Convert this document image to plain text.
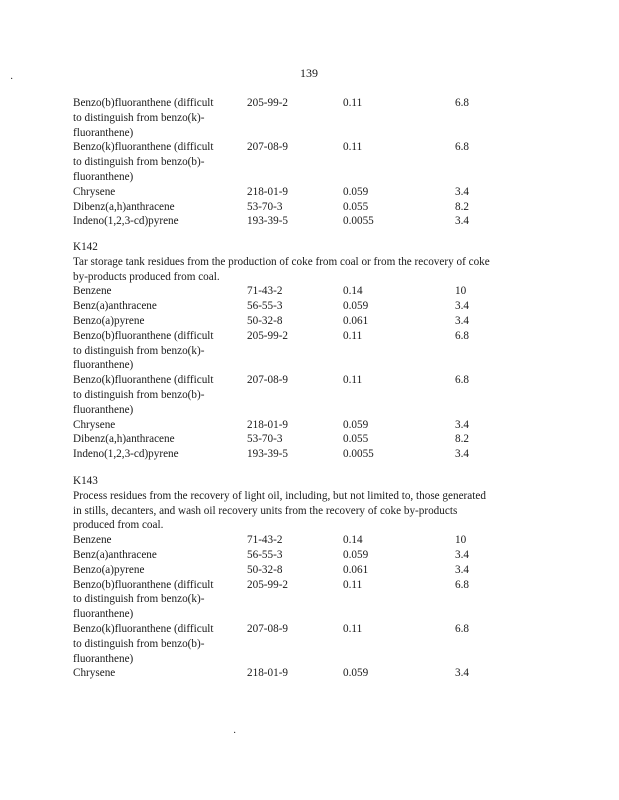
139
·
·
Benzo(b)fluoranthene (difficult
to distinguish from benzo(k)-
fluoranthene)
205-99-2	0.11	6.8
Benzo(k)fluoranthene (difficult
to distinguish from benzo(b)-
fluoranthene)
207-08-9	0.11	6.8
Chrysene	218-01-9	0.059	3.4
Dibenz(a,h)anthracene	53-70-3	0.055	8.2
Indeno(1,2,3-cd)pyrene	193-39-5	0.0055	3.4
K142
Tar storage tank residues from the production of coke from coal or from the recovery of coke
by-products produced from coal.
Benzene	71-43-2	0.14	10
Benz(a)anthracene	56-55-3	0.059	3.4
Benzo(a)pyrene	50-32-8	0.061	3.4
Benzo(b)fluoranthene (difficult
to distinguish from benzo(k)-
fluoranthene)
205-99-2	0.11	6.8
Benzo(k)fluoranthene (difficult
to distinguish from benzo(b)-
fluoranthene)
207-08-9	0.11	6.8
Chrysene	218-01-9	0.059	3.4
Dibenz(a,h)anthracene	53-70-3	0.055	8.2
Indeno(1,2,3-cd)pyrene	193-39-5	0.0055	3.4
K143
Process residues from the recovery of light oil, including, but not limited to, those generated
in stills, decanters, and wash oil recovery units from the recovery of coke by-products
produced from coal.
Benzene	71-43-2	0.14	10
Benz(a)anthracene	56-55-3	0.059	3.4
Benzo(a)pyrene	50-32-8	0.061	3.4
Benzo(b)fluoranthene (difficult
to distinguish from benzo(k)-
fluoranthene)
205-99-2	0.11	6.8
Benzo(k)fluoranthene (difficult
to distinguish from benzo(b)-
fluoranthene)
207-08-9	0.11	6.8
Chrysene	218-01-9	0.059	3.4
